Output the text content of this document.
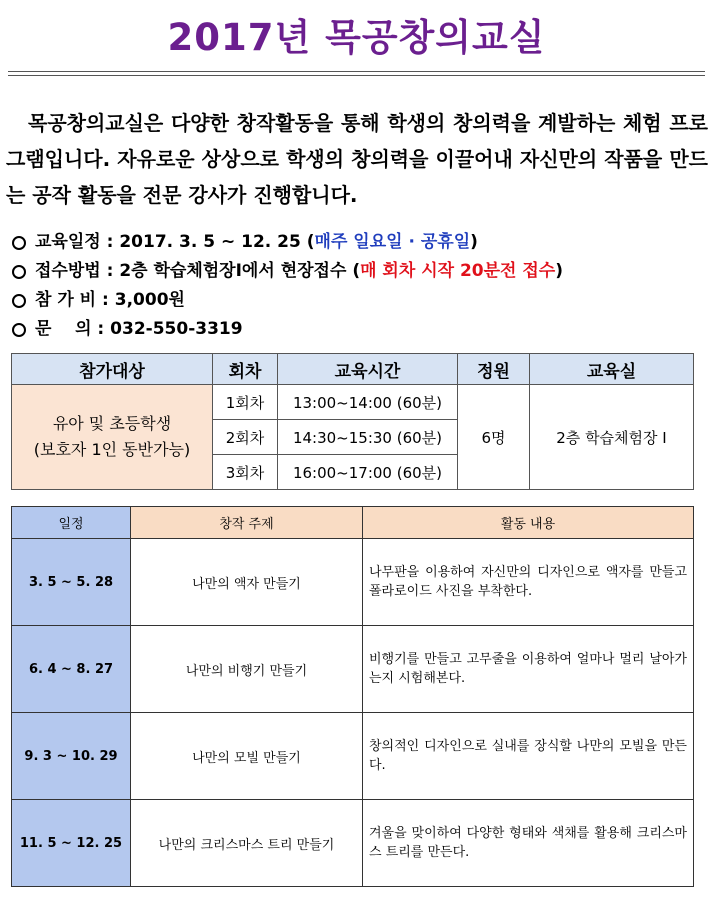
2017년 목공창의교실

목공창의교실은 다양한 창작활동을 통해 학생의 창의력을 계발하는 체험 프로그램입니다. 자유로운 상상으로 학생의 창의력을 이끌어내 자신만의 작품을 만드는 공작 활동을 전문 강사가 진행합니다.

교육일정 :
2017. 3. 5 ~ 12. 25
( 매주 일요일 · 공휴일 )
접수방법 :
2층 학습체험장Ⅰ에서 현장접수
( 매 회차 시작 20분전 접수 )
참 가 비 :
3,000원
문    의 :
032-550-3319
참가대상	회차	교육시간	정원	교육실

유아 및 초등학생
(보호자 1인 동반가능)	1회차	13:00~14:00 (60분)	6명	2층 학습체험장 Ⅰ
	2회차	14:30~15:30 (60분)		
	3회차	16:00~17:00 (60분)		
일정	창작 주제	활동 내용
3. 5 ~ 5. 28	나만의 액자 만들기	나무판을 이용하여 자신만의 디자인으로 액자를 만들고 폴라로이드 사진을 부착한다.
6. 4 ~ 8. 27	나만의 비행기 만들기	비행기를 만들고 고무줄을 이용하여 얼마나 멀리 날아가는지 시험해본다.
9. 3 ~ 10. 29	나만의 모빌 만들기	창의적인 디자인으로 실내를 장식할 나만의 모빌을 만든다.
11. 5 ~ 12. 25	나만의 크리스마스 트리 만들기	겨울을 맞이하여 다양한 형태와 색채를 활용해 크리스마스 트리를 만든다.
